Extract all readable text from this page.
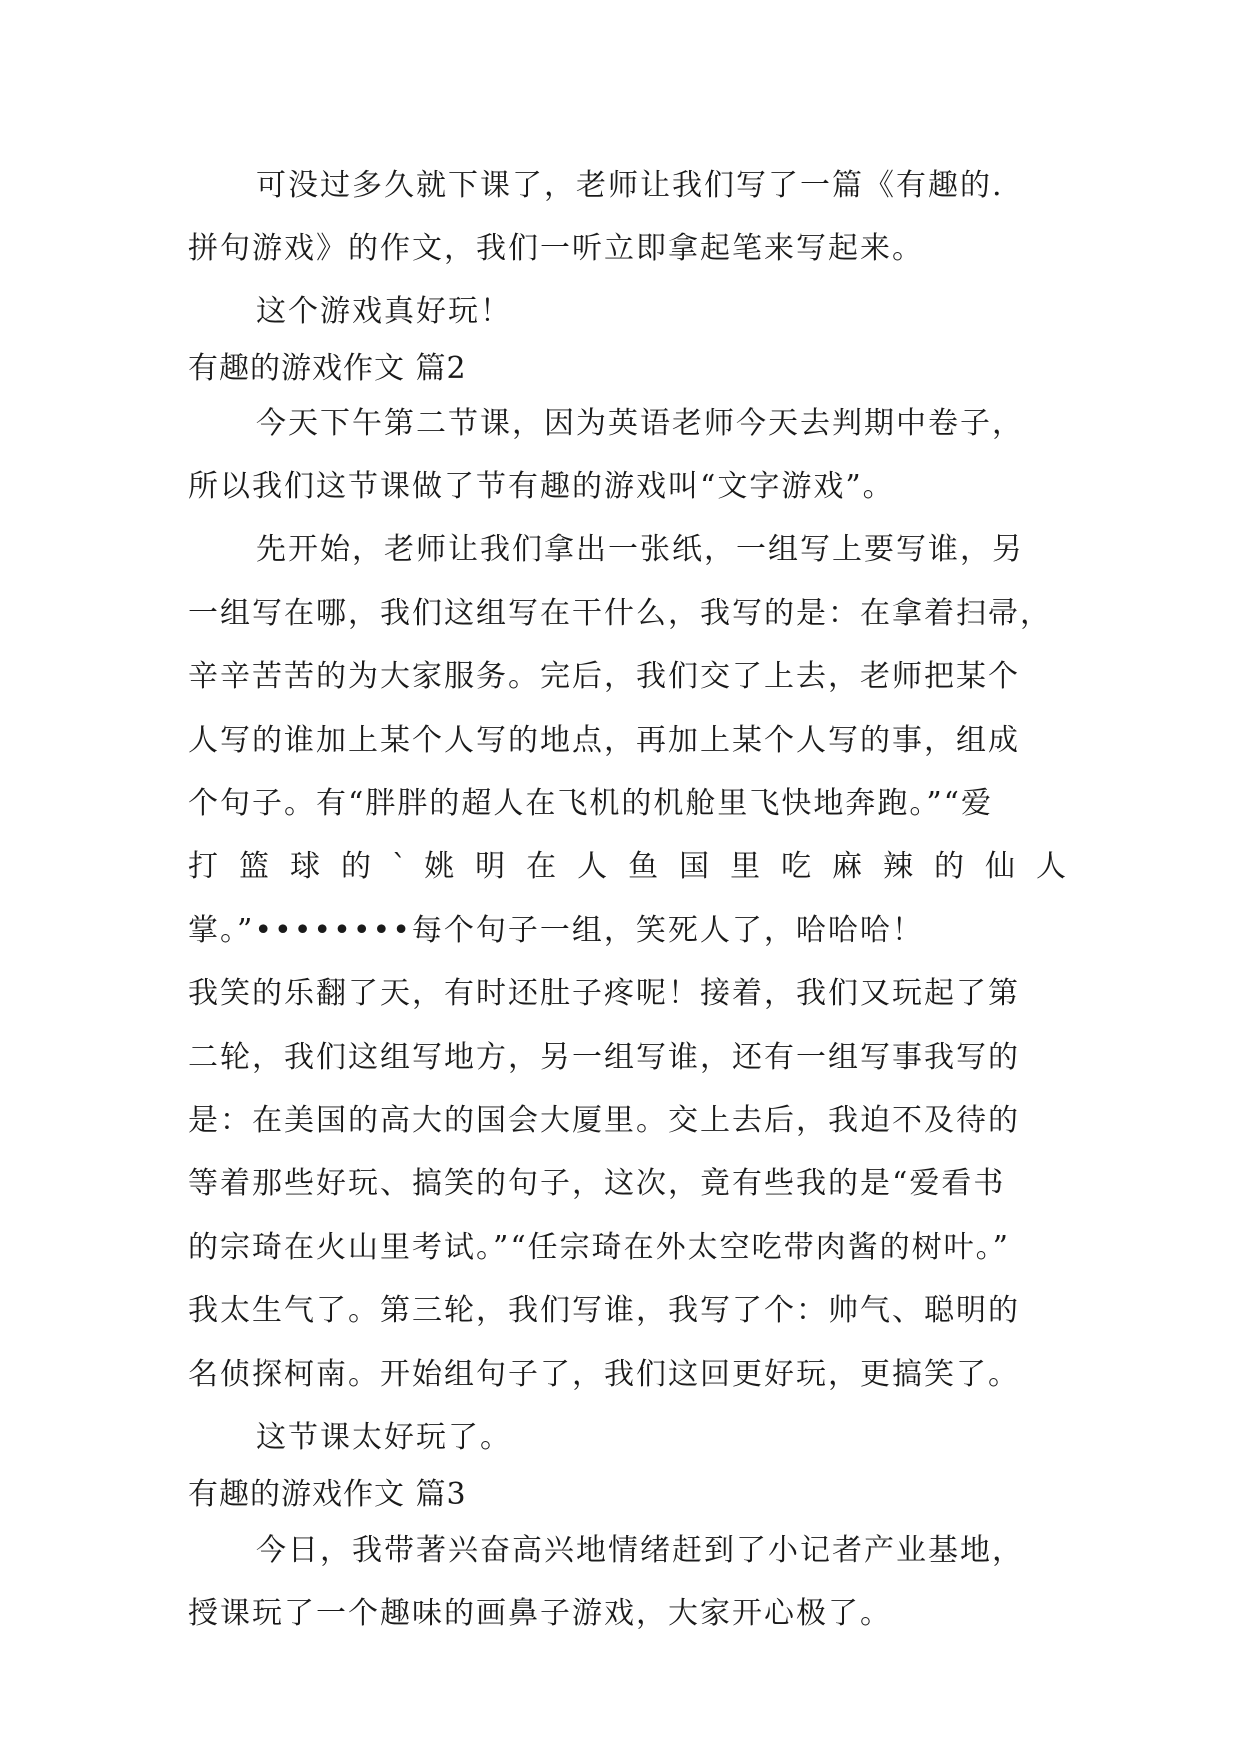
可没过多久就下课了，老师让我们写了一篇《有趣的.
拼句游戏》的作文，我们一听立即拿起笔来写起来。
这个游戏真好玩！
有趣的游戏作文 篇2
今天下午第二节课，因为英语老师今天去判期中卷子，
所以我们这节课做了节有趣的游戏叫“文字游戏”。
先开始，老师让我们拿出一张纸，一组写上要写谁，另
一组写在哪，我们这组写在干什么，我写的是：在拿着扫帚，
辛辛苦苦的为大家服务。完后，我们交了上去，老师把某个
人写的谁加上某个人写的地点，再加上某个人写的事，组成
个句子。有“胖胖的超人在飞机的机舱里飞快地奔跑。”“爱
打 篮 球 的 ` 姚 明 在 人 鱼 国 里 吃 麻 辣 的 仙 人
掌。”••••••••每个句子一组，笑死人了，哈哈哈！
我笑的乐翻了天，有时还肚子疼呢！接着，我们又玩起了第
二轮，我们这组写地方，另一组写谁，还有一组写事我写的
是：在美国的高大的国会大厦里。交上去后，我迫不及待的
等着那些好玩、搞笑的句子，这次，竟有些我的是“爱看书
的宗琦在火山里考试。”“任宗琦在外太空吃带肉酱的树叶。”
我太生气了。第三轮，我们写谁，我写了个：帅气、聪明的
名侦探柯南。开始组句子了，我们这回更好玩，更搞笑了。
这节课太好玩了。
有趣的游戏作文 篇3
今日，我带著兴奋高兴地情绪赶到了小记者产业基地，
授课玩了一个趣味的画鼻子游戏，大家开心极了。
